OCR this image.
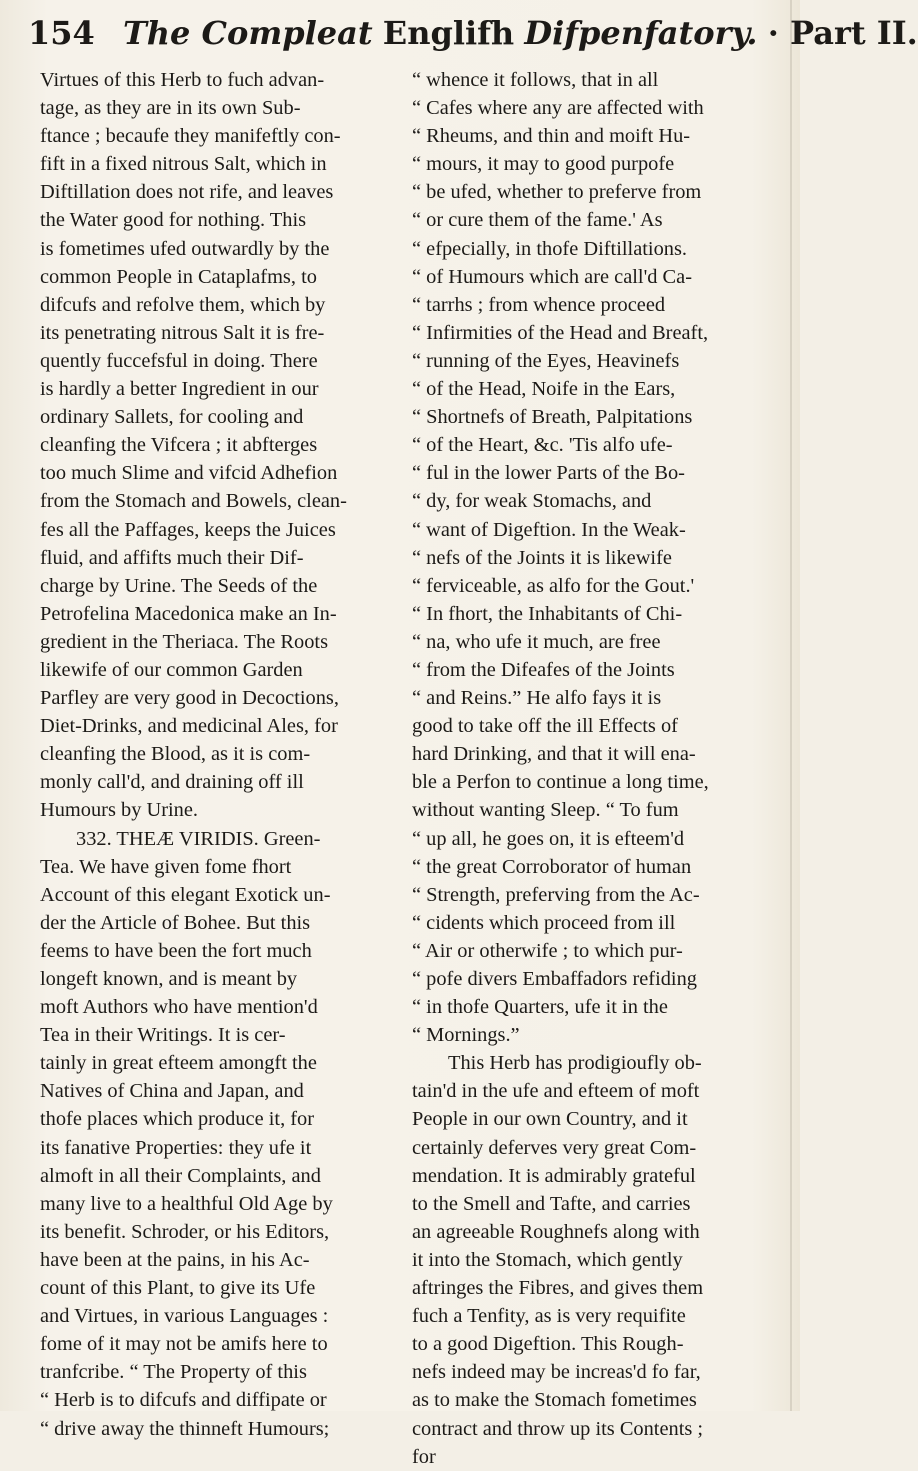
154 The Compleat Englifh Difpenfatory. · Part II.
Virtues of this Herb to fuch advan-
tage, as they are in its own Sub-
ftance ; becaufe they manifeftly con-
fift in a fixed nitrous Salt, which in
Diftillation does not rife, and leaves
the Water good for nothing. This
is fometimes ufed outwardly by the
common People in Cataplafms, to
difcufs and refolve them, which by
its penetrating nitrous Salt it is fre-
quently fuccefsful in doing. There
is hardly a better Ingredient in our
ordinary Sallets, for cooling and
cleanfing the Vifcera ; it abfterges
too much Slime and vifcid Adhefion
from the Stomach and Bowels, clean-
fes all the Paffages, keeps the Juices
fluid, and affifts much their Dif-
charge by Urine. The Seeds of the
Petrofelina Macedonica make an In-
gredient in the Theriaca. The Roots
likewife of our common Garden
Parfley are very good in Decoctions,
Diet-Drinks, and medicinal Ales, for
cleanfing the Blood, as it is com-
monly call'd, and draining off ill
Humours by Urine.
332. THEÆ VIRIDIS. Green-
Tea. We have given fome fhort
Account of this elegant Exotick un-
der the Article of Bohee. But this
feems to have been the fort much
longeft known, and is meant by
moft Authors who have mention'd
Tea in their Writings. It is cer-
tainly in great efteem amongft the
Natives of China and Japan, and
thofe places which produce it, for
its fanative Properties: they ufe it
almoft in all their Complaints, and
many live to a healthful Old Age by
its benefit. Schroder, or his Editors,
have been at the pains, in his Ac-
count of this Plant, to give its Ufe
and Virtues, in various Languages :
fome of it may not be amifs here to
tranfcribe. “ The Property of this
“ Herb is to difcufs and diffipate or
“ drive away the thinneft Humours;
“ whence it follows, that in all
“ Cafes where any are affected with
“ Rheums, and thin and moift Hu-
“ mours, it may to good purpofe
“ be ufed, whether to preferve from
“ or cure them of the fame.' As
“ efpecially, in thofe Diftillations.
“ of Humours which are call'd Ca-
“ tarrhs ; from whence proceed
“ Infirmities of the Head and Breaft,
“ running of the Eyes, Heavinefs
“ of the Head, Noife in the Ears,
“ Shortnefs of Breath, Palpitations
“ of the Heart, &c. 'Tis alfo ufe-
“ ful in the lower Parts of the Bo-
“ dy, for weak Stomachs, and
“ want of Digeftion. In the Weak-
“ nefs of the Joints it is likewife
“ ferviceable, as alfo for the Gout.'
“ In fhort, the Inhabitants of Chi-
“ na, who ufe it much, are free
“ from the Difeafes of the Joints
“ and Reins.” He alfo fays it is
good to take off the ill Effects of
hard Drinking, and that it will ena-
ble a Perfon to continue a long time,
without wanting Sleep. “ To fum
“ up all, he goes on, it is efteem'd
“ the great Corroborator of human
“ Strength, preferving from the Ac-
“ cidents which proceed from ill
“ Air or otherwife ; to which pur-
“ pofe divers Embaffadors refiding
“ in thofe Quarters, ufe it in the
“ Mornings.”
This Herb has prodigioufly ob-
tain'd in the ufe and efteem of moft
People in our own Country, and it
certainly deferves very great Com-
mendation. It is admirably grateful
to the Smell and Tafte, and carries
an agreeable Roughnefs along with
it into the Stomach, which gently
aftringes the Fibres, and gives them
fuch a Tenfity, as is very requifite
to a good Digeftion. This Rough-
nefs indeed may be increas'd fo far,
as to make the Stomach fometimes
contract and throw up its Contents ;
for
